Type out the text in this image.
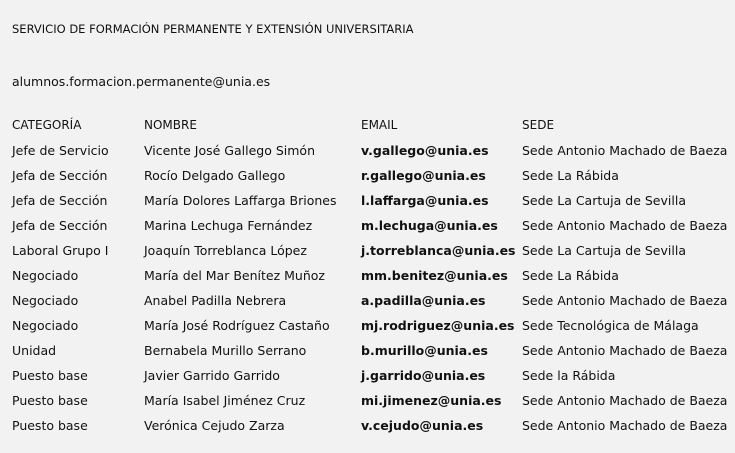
SERVICIO DE FORMACIÓN PERMANENTE Y EXTENSIÓN UNIVERSITARIA
alumnos.formacion.permanente@unia.es
CATEGORÍA	NOMBRE	EMAIL	SEDE
Jefe de Servicio	Vicente José Gallego Simón	v.gallego@unia.es	Sede Antonio Machado de Baeza
Jefa de Sección	Rocío Delgado Gallego	r.gallego@unia.es	Sede La Rábida
Jefa de Sección	María Dolores Laffarga Briones l.laffarga@unia.es	Sede La Cartuja de Sevilla
Jefa de Sección	Marina Lechuga Fernández	m.lechuga@unia.es Sede Antonio Machado de Baeza
Laboral Grupo I	Joaquín Torreblanca López	j.torreblanca@unia.es Sede La Cartuja de Sevilla
Negociado	María del Mar Benítez Muñoz	mm.benitez@unia.es Sede La Rábida
Negociado	Anabel Padilla Nebrera	a.padilla@unia.es	Sede Antonio Machado de Baeza
Negociado	María José Rodríguez Castaño	mj.rodriguez@unia.es Sede Tecnológica de Málaga
Unidad	Bernabela Murillo Serrano	b.murillo@unia.es	Sede Antonio Machado de Baeza
Puesto base	Javier Garrido Garrido	j.garrido@unia.es	Sede la Rábida
Puesto base	María Isabel Jiménez Cruz	mi.jimenez@unia.es Sede Antonio Machado de Baeza
Puesto base	Verónica Cejudo Zarza	v.cejudo@unia.es	Sede Antonio Machado de Baeza
